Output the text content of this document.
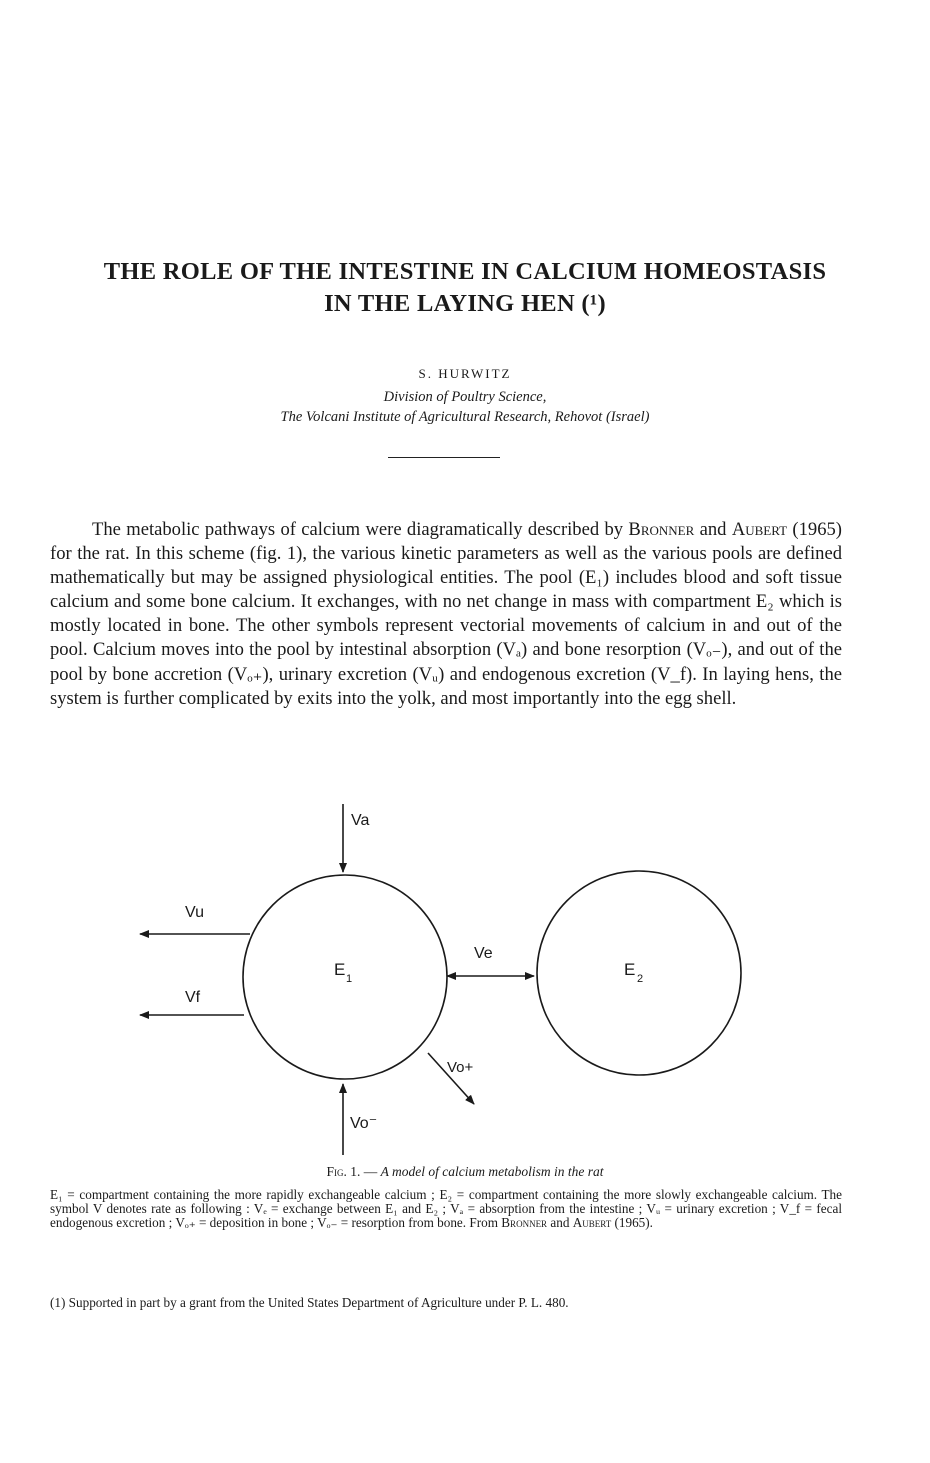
THE ROLE OF THE INTESTINE IN CALCIUM HOMEOSTASIS
IN THE LAYING HEN (¹)
S. HURWITZ
Division of Poultry Science,
The Volcani Institute of Agricultural Research, Rehovot (Israel)

The metabolic pathways of calcium were diagramatically described by Bronner and Aubert (1965) for the rat. In this scheme (fig. 1), the various kinetic parameters as well as the various pools are defined mathematically but may be assigned physiological entities. The pool (E₁) includes blood and soft tissue calcium and some bone calcium. It exchanges, with no net change in mass with compartment E₂ which is mostly located in bone. The other symbols represent vectorial movements of calcium in and out of the pool. Calcium moves into the pool by intestinal absorption (Vₐ) and bone resorption (Vₒ₋), and out of the pool by bone accretion (Vₒ₊), urinary excretion (Vᵤ) and endogenous excretion (V_f). In laying hens, the system is further complicated by exits into the yolk, and most importantly into the egg shell.

Va
Vu
Vf
Ve
E 1	E 2
Vo+
Vo⁻
Fig. 1. — A model of calcium metabolism in the rat

E₁ = compartment containing the more rapidly exchangeable calcium ; E₂ = compartment containing the more slowly exchangeable calcium. The symbol V denotes rate as following : Vₑ = exchange between E₁ and E₂ ; Vₐ = absorption from the intestine ; Vᵤ = urinary excretion ; V_f = fecal endogenous excretion ; Vₒ₊ = deposition in bone ; Vₒ₋ = resorption from bone. From Bronner and Aubert (1965).

(1) Supported in part by a grant from the United States Department of Agriculture under P. L. 480.
